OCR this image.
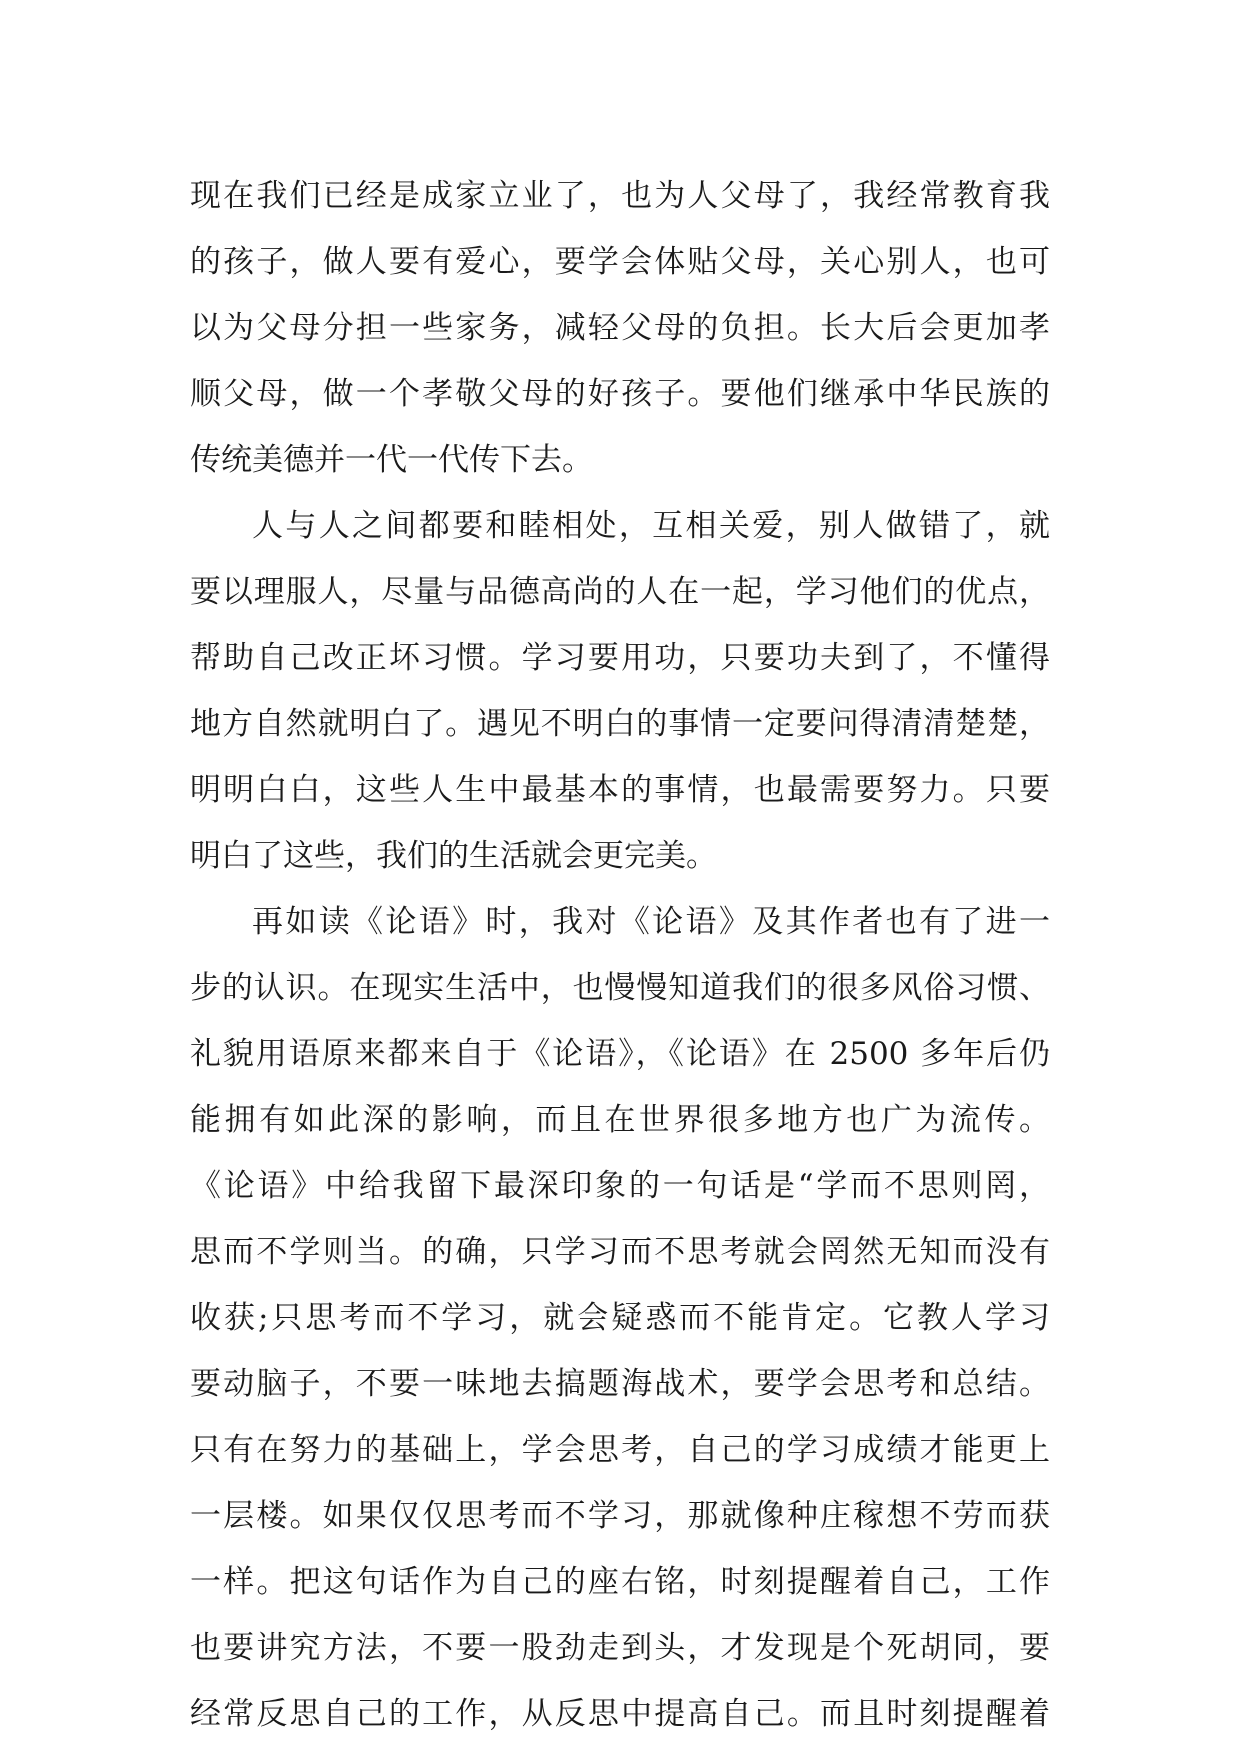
现在我们已经是成家立业了，也为人父母了，我经常教育我
的孩子，做人要有爱心，要学会体贴父母，关心别人，也可
以为父母分担一些家务，减轻父母的负担。长大后会更加孝
顺父母，做一个孝敬父母的好孩子。要他们继承中华民族的
传统美德并一代一代传下去。
人与人之间都要和睦相处，互相关爱，别人做错了，就
要以理服人，尽量与品德高尚的人在一起，学习他们的优点，
帮助自己改正坏习惯。学习要用功，只要功夫到了，不懂得
地方自然就明白了。遇见不明白的事情一定要问得清清楚楚，
明明白白，这些人生中最基本的事情，也最需要努力。只要
明白了这些，我们的生活就会更完美。
再如读《论语》时，我对《论语》及其作者也有了进一
步的认识。在现实生活中，也慢慢知道我们的很多风俗习惯、
礼貌用语原来都来自于《论语》，《论语》在 2500 多年后仍
能拥有如此深的影响，而且在世界很多地方也广为流传。
《论语》中给我留下最深印象的一句话是“学而不思则罔，
思而不学则当。的确，只学习而不思考就会罔然无知而没有
收获;只思考而不学习，就会疑惑而不能肯定。它教人学习
要动脑子，不要一味地去搞题海战术，要学会思考和总结。
只有在努力的基础上，学会思考，自己的学习成绩才能更上
一层楼。如果仅仅思考而不学习，那就像种庄稼想不劳而获
一样。把这句话作为自己的座右铭，时刻提醒着自己，工作
也要讲究方法，不要一股劲走到头，才发现是个死胡同，要
经常反思自己的工作，从反思中提高自己。而且时刻提醒着
